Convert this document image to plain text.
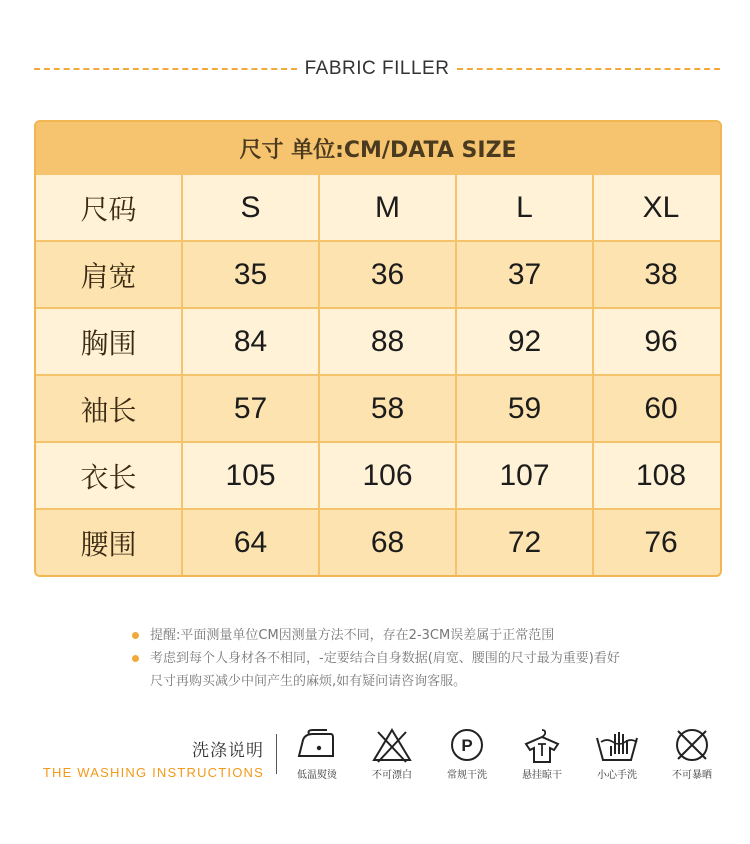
FABRIC FILLER
尺寸 单位:CM/DATA SIZE
尺码	S	M	L	XL
肩宽	35	36	37	38
胸围	84	88	92	96
袖长	57	58	59	60
衣长	105	106	107	108
腰围	64	68	72	76
提醒:平面测量单位CM因测量方法不同，存在2-3CM误差属于正常范围
考虑到每个人身材各不相同，-定要结合自身数据(肩宽、腰围的尺寸最为重要)看好尺寸再购买减少中间产生的麻烦,如有疑问请咨询客服。
洗涤说明
THE WASHING INSTRUCTIONS	低温熨烫	不可漂白
P
常规干洗	悬挂晾干	小心手洗	不可暴晒
